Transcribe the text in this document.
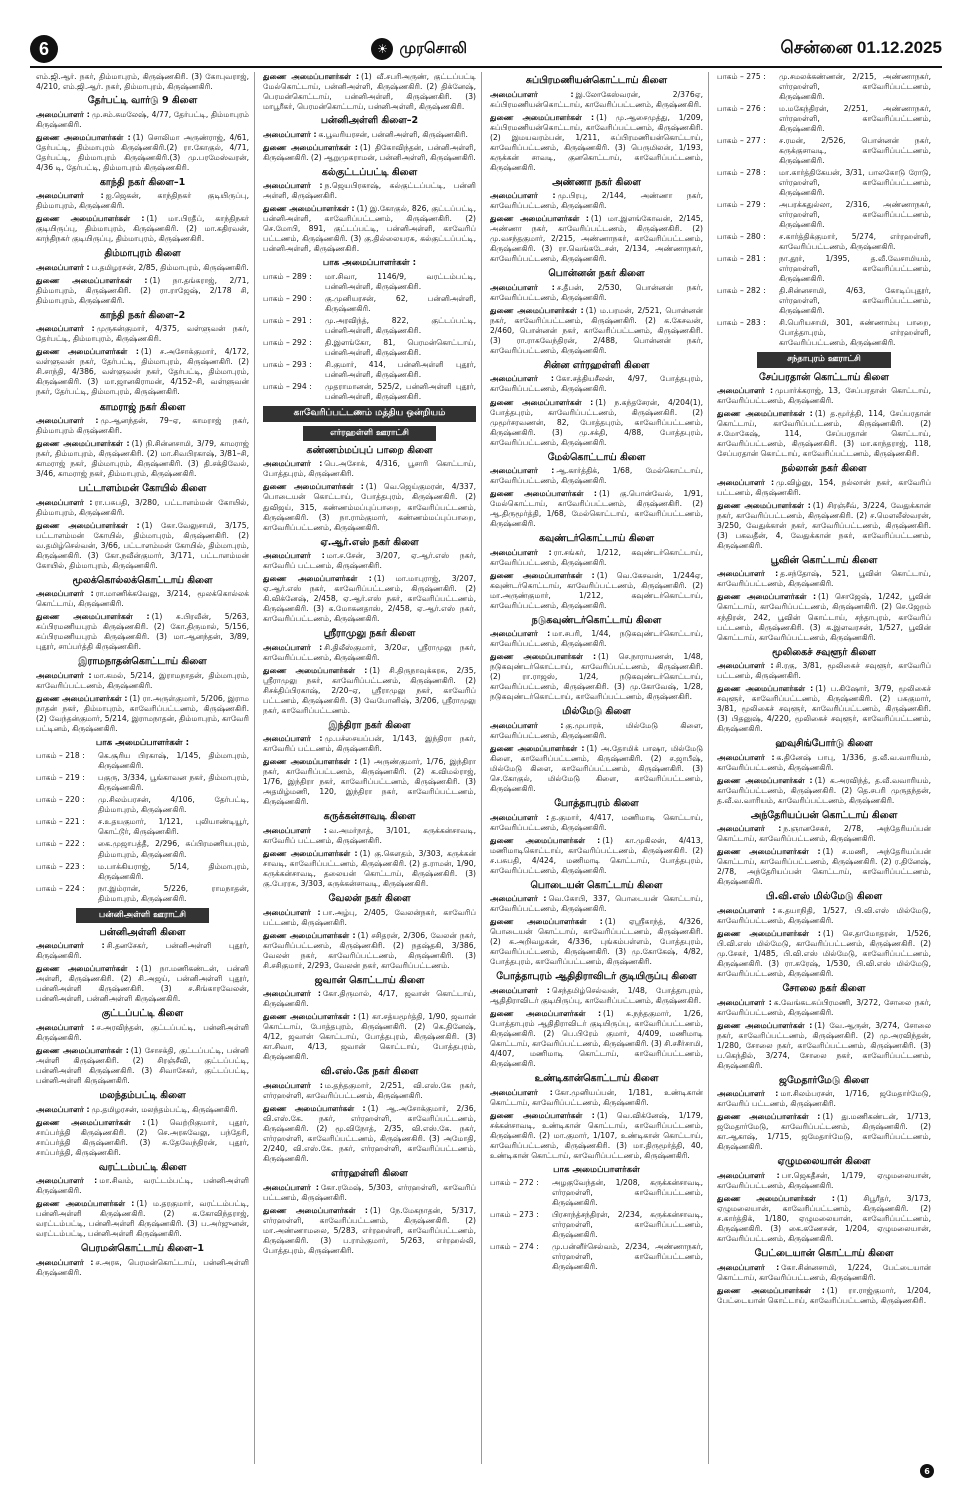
6	☀ முரசொலி	சென்னை 01.12.2025
எம்.ஜி.ஆர். நகர், திம்மாபுரம், கிருஷ்ணகிரி. (3) கோபுவராஜ், 4/210, எம்.ஜி.ஆர். நகர், திம்மாபுரம், கிருஷ்ணகிரி.
தேர்பட்டி வார்டு 9 கிளை
அமைப்பாளர் : மு.சம்.சுமலேஷ், 4/77, தேர்பட்டி, திம்மாபுரம் கிருஷ்ணகிரி.
துணை அமைப்பாளர்கள் : (1) சொலிமா அருண்ராஜ், 4/61, தேர்பட்டி, திம்மாபுரம் கிருஷ்ணகிரி.(2) ரா.கோகுல், 4/71, தேர்பட்டி, திம்மாபுரம் கிருஷ்ணகிரி.(3) மு.பரமேஸ்வரன், 4/36 டி, தேர்பட்டி, திம்மாபுரம் கிருஷ்ணகிரி.
காந்தி நகர் கிளை–1
அமைப்பாளர் : ஐ.ஜெகன், காந்திநகர் குடியிருப்பு, திம்மாபுரம், கிருஷ்ணகிரி.
துணை அமைப்பாளர்கள் : (1) மா.பிரதீப், காந்திநகர் குடியிருப்பு, திம்மாபுரம், கிருஷ்ணகிரி. (2) மா.கதிரவன், காந்திநகர் குடியிருப்பு, திம்மாபுரம், கிருஷ்ணகிரி.
திம்மாபுரம் கிளை
அமைப்பாளர் : ப.தமிழரசன், 2/85, திம்மாபுரம், கிருஷ்ணகிரி.
துணை அமைப்பாளர்கள் : (1) நா.தங்கராஜ், 2/71, திம்மாபுரம், கிருஷ்ணகிரி. (2) ரா.ராஜேஷ், 2/178 சி, திம்மாபுரம், கிருஷ்ணகிரி.
காந்தி நகர் கிளை–2
அமைப்பாளர் : முருகன்குமார், 4/375, வள்ளுவன் நகர், தேர்பட்டி, திம்மாபுரம், கிருஷ்ணகிரி.
துணை அமைப்பாளர்கள் : (1) ச.அசோக்குமார், 4/172, வள்ளுவன் நகர், தேர்பட்டி, திம்மாபுரம், கிருஷ்ணகிரி. (2) சி.சாந்தி, 4/386, வள்ளுவன் நகர், தேர்பட்டி, திம்மாபுரம், கிருஷ்ணகிரி. (3) மா.ஜானகிராமன், 4/152–சி, வள்ளுவன் நகர், தேர்பட்டி, திம்மாபுரம், கிருஷ்ணகிரி.
காமராஜ் நகர் கிளை
அமைப்பாளர் : மு.ஆனந்தன், 79–ஏ, காமராஜ் நகர், திம்மாபுரம் கிருஷ்ணகிரி.
துணை அமைப்பாளர்கள் : (1) நி.சின்னசாமி, 3/79, காமராஜ் நகர், திம்மாபுரம், கிருஷ்ணகிரி. (2) மா.சிவபிரகாஷ், 3/81–சி, காமராஜ் நகர், திம்மாபுரம், கிருஷ்ணகிரி. (3) தி.சக்திவேல், 3/46, காமராஜ் நகர், திம்மாபுரம், கிருஷ்ணகிரி.
பட்டாளம்மன் கோயில் கிளை
அமைப்பாளர் : ரா.பசுபதி, 3/280, பட்டாளம்மன் கோயில், திம்மாபுரம், கிருஷ்ணகிரி.
துணை அமைப்பாளர்கள் : (1) கோ.வேலுசாமி, 3/175, பட்டாளம்மன் கோயில், திம்மாபுரம், கிருஷ்ணகிரி. (2) வ.தமிழ்செல்வன், 3/66, பட்டாளம்மன் கோயில், திம்மாபுரம், கிருஷ்ணகிரி. (3) கோ.நவீன்குமார், 3/171, பட்டாளம்மன் கோயில், திம்மாபுரம், கிருஷ்ணகிரி.
மூலக்கொல்லக்கொட்டாய் கிளை
அமைப்பாளர் : ரா.மாணிக்கவேலு, 3/214, மூலக்கொல்லக் கொட்டாய், கிருஷ்ணகிரி.
துணை அமைப்பாளர்கள் : (1) சு.பிரவீன், 5/263, சுப்பிரமணியபுரம் கிருஷ்ணகிரி. (2) கோ.திருமால், 5/156, சுப்பிரமணியபுரம் கிருஷ்ணகிரி. (3) மா.ஆனந்தன், 3/89, புதூர், சாப்பர்த்தி கிருஷ்ணகிரி.
இராமநாதன்கொட்டாய் கிளை
அமைப்பாளர் : மா.கமல், 5/214, இராமநாதன், திம்மாபுரம், காவேரிப்பட்டணம், கிருஷ்ணகிரி.
துணை அமைப்பாளர்கள் : (1) ரா.அருள்குமார், 5/206, இராம நாதன் நகர், திம்மாபுரம், காவேரிப்பட்டணம், கிருஷ்ணகிரி. (2) வேந்தன்குமார், 5/214, இராமநாதன், திம்மாபுரம், காவேரி பட்டினம், கிருஷ்ணகிரி.
பாக அமைப்பாளர்கள் :
பாகம் – 218 :	கெ.சூரிய பிரகாஷ், 1/145, திம்மாபுரம், கிருஷ்ணகிரி.
பாகம் – 219 :	பகுரு, 3/334, பூங்காவன நகர், திம்மாபுரம், கிருஷ்ணகிரி.
பாகம் – 220 :	மு.சிலம்பரசன், 4/106, தேர்பட்டி, திம்மாபுரம், கிருஷ்ணகிரி.
பாகம் – 221 :	ச.உதயகுமார், 1/121, புலியாண்டியூர், கொட்டூர், கிருஷ்ணகிரி.
பாகம் – 222 :	கை.முஜாபத்தீ, 2/296, சுப்பிரமணியபுரம், திம்மாபுரம், கிருஷ்ணகிரி.
பாகம் – 223 :	ம.பாக்கியராஜ், 5/14, திம்மாபுரம், கிருஷ்ணகிரி.
பாகம் – 224 :	நா.இம்ரான், 5/226, ராமநாதன், திம்மாபுரம், கிருஷ்ணகிரி.
பன்னிஅள்ளி ஊராட்சி
பன்னிஅள்ளி கிளை
அமைப்பாளர் : சி.தனசேகர், பன்னிஅள்ளி புதூர், கிருஷ்ணகிரி.
துணை அமைப்பாளர்கள் : (1) நா.மணிகண்டன், பன்னி அள்ளி, கிருஷ்ணகிரி. (2) சி.அஜய், பன்னிஅள்ளி புதூர், பன்னிஅள்ளி கிருஷ்ணகிரி. (3) ச.சிங்காரவேலன், பன்னிஅள்ளி, பன்னிஅள்ளி கிருஷ்ணகிரி.
குட்டப்பட்டி கிளை
அமைப்பாளர் : ச.அரவிந்தன், குட்டப்பட்டி, பன்னிஅள்ளி கிருஷ்ணகிரி.
துணை அமைப்பாளர்கள் : (1) சோசக்தி, குட்டப்பட்டி, பன்னி அள்ளி கிருஷ்ணகிரி. (2) சிரஞ்சீவி, குட்டப்பட்டி, பன்னிஅள்ளி கிருஷ்ணகிரி. (3) சிவாசேகர், குட்டப்பட்டி, பன்னிஅள்ளி கிருஷ்ணகிரி.
மலந்தம்பட்டி கிளை
அமைப்பாளர் : மு.தமிழரசன், மலந்தம்பட்டி, கிருஷ்ணகிரி.
துணை அமைப்பாளர்கள் : (1) வெற்றிகுமார், புதூர், சாப்பர்த்தி கிருஷ்ணகிரி. (2) செ.அரசுவேலு, பந்தேரி, சாப்பர்த்தி கிருஷ்ணகிரி. (3) சு.தேவேந்திரன், புதூர், சாப்பர்த்தி, கிருஷ்ணகிரி.
வரட்டம்பட்டி கிளை
அமைப்பாளர் : மா.சிவம், வரட்டம்பட்டி, பன்னிஅள்ளி கிருஷ்ணகிரி.
துணை அமைப்பாளர்கள் : (1) ம.தரகுமார், வரட்டம்பட்டி, பன்னிஅள்ளி கிருஷ்ணகிரி. (2) க.கோவிந்தராஜ், வரட்டம்பட்டி, பன்னிஅள்ளி கிருஷ்ணகிரி. (3) ப.அர்ஜுனன், வரட்டம்பட்டி, பன்னிஅள்ளி கிருஷ்ணகிரி.
பெரமன்கொட்டாய் கிளை–1
அமைப்பாளர் : ச.அரசு, பெரமன்கொட்டாய், பன்னிஅள்ளி கிருஷ்ணகிரி.
துணை அமைப்பாளர்கள் : (1) வீ.சபரிஅருண், குட்டப்பட்டி மேல்கொட்டாய், பன்னிஅள்ளி, கிருஷ்ணகிரி. (2) திக்னேஷ், பெரமன்கொட்டாய், பன்னிஅள்ளி, கிருஷ்ணகிரி. (3) மாபூரீகர், பெரமன்கொட்டாய், பன்னிஅள்ளி, கிருஷ்ணகிரி.
பன்னிஅள்ளி கிளை–2
அமைப்பாளர் : க.பூவரியரசன், பன்னிஅள்ளி, கிருஷ்ணகிரி.
துணை அமைப்பாளர்கள் : (1) திகோவிந்தன், பன்னிஅள்ளி, கிருஷ்ணகிரி. (2) ஆறுமுகராமன், பன்னிஅள்ளி, கிருஷ்ணகிரி.
கல்குட்டப்பட்டி கிளை
அமைப்பாளர் : ந.ஜெயபிரகாஷ், கல்குட்டப்பட்டி, பன்னி அள்ளி, கிருஷ்ணகிரி.
துணை அமைப்பாளர்கள் : (1) இ.கோகுல், 826, குட்டப்பட்டி, பன்னிஅள்ளி, காவேரிப்பட்டணம், கிருஷ்ணகிரி. (2) செ.மோபி, 891, குட்டப்பட்டி, பன்னிஅள்ளி, காவேரிப் பட்டணம், கிருஷ்ணகிரி. (3) கு.தில்லையரசு, கல்குட்டப்பட்டி, பன்னிஅள்ளி, கிருஷ்ணகிரி.
பாக அமைப்பாளர்கள் :
பாகம் – 289 :	மா.சிவா, 1146/9, வரட்டம்பட்டி, பன்னிஅள்ளி, கிருஷ்ணகிரி.
பாகம் – 290 :	கு.முனியரசன், 62, பன்னிஅள்ளி, கிருஷ்ணகிரி.
பாகம் – 291 :	மு.அரவிந்த், 822, குட்டப்பட்டி, பன்னிஅள்ளி, கிருஷ்ணகிரி.
பாகம் – 292 :	தி.இளங்கோ, 81, பெரமன்கொட்டாய், பன்னிஅள்ளி, கிருஷ்ணகிரி.
பாகம் – 293 :	சி.குமார், 414, பன்னிஅள்ளி புதூர், பன்னிஅள்ளி, கிருஷ்ணகிரி.
பாகம் – 294 :	முதராமானன், 525/2, பன்னிஅள்ளி புதூர், பன்னிஅள்ளி, கிருஷ்ணகிரி.
காவேரிப்பட்டணம் மத்திய ஒன்றியம்
எர்ரஹள்ளி ஊராட்சி
கண்ணம்மப்புப் பாறை கிளை
அமைப்பாளர் : பெ.அசோக், 4/316, பூசாரி கொட்டாய், போத்தபுரம், கிருஷ்ணகிரி.
துணை அமைப்பாளர்கள் : (1) வெ.ஜெய்குமரன், 4/337, பொடையன் கொட்டாய், போத்தபுரம், கிருஷ்ணகிரி. (2) துவிஜய், 315, கண்ணம்மப்புப்பாறை, காவேரிப்பட்டணம், கிருஷ்ணகிரி. (3) நா.ராம்குமார், கண்ணம்மப்புப்பாறை, காவேரிப்பட்டணம், கிருஷ்ணகிரி.
ஏ.ஆர்.எஸ் நகர் கிளை
அமைப்பாளர் : மா.ச.சேன், 3/207, ஏ.ஆர்.எஸ் நகர், காவேரிப் பட்டணம், கிருஷ்ணகிரி.
துணை அமைப்பாளர்கள் : (1) மா.மாபுராஜ், 3/207, ஏ.ஆர்.எஸ் நகர், காவேரிப்பட்டணம், கிருஷ்ணகிரி. (2) கி.விக்னேஷ், 2/458, ஏ.ஆர்.எஸ் நகர், காவேரிப்பட்டணம், கிருஷ்ணகிரி. (3) க.மோகனதாஸ், 2/458, ஏ.ஆர்.எஸ் நகர், காவேரிப்பட்டணம், கிருஷ்ணகிரி.
ஸ்ரீராமுலு நகர் கிளை
அமைப்பாளர் : சி.திலீஸ்குமார், 3/20எ, ஸ்ரீராமுலு நகர், காவேரிப்பட்டணம், கிருஷ்ணகிரி.
துணை அமைப்பாளர்கள் : (1) சி.திருநாவுக்கரசு, 2/35, ஸ்ரீராமுலு நகர், காவேரிப்பட்டணம், கிருஷ்ணகிரி. (2) சிசக்திப்பிரகாஷ், 2/20–ஏ, ஸ்ரீராமுலு நகர், காவேரிப் பட்டணம், கிருஷ்ணகிரி. (3) வேபோனிஷ், 3/206, ஸ்ரீராமுலு நகர், காவேரிப்பட்டணம்.
இந்திரா நகர் கிளை
அமைப்பாளர் : மு.பச்சையப்பன், 1/143, இந்திரா நகர், காவேரிப் பட்டணம், கிருஷ்ணகிரி.
துணை அமைப்பாளர்கள் : (1) அருண்குமார், 1/76, இந்திரா நகர், காவேரிப்பட்டணம், கிருஷ்ணகிரி. (2) க.விமல்ராஜ், 1/76, இந்திரா நகர், காவேரிப்பட்டணம், கிருஷ்ணகிரி. (3) அதமிழ்மணி, 120, இந்திரா நகர், காவேரிப்பட்டணம், கிருஷ்ணகிரி.
கருக்கன்சாவடி கிளை
அமைப்பாளர் : வ.அமர்நாத், 3/101, கருக்கன்சாவடி, காவேரிப் பட்டணம், கிருஷ்ணகிரி.
துணை அமைப்பாளர்கள் : (1) கு.கௌதம், 3/303, கருக்கன் சாவடி, காவேரிப்பட்டணம், கிருஷ்ணகிரி. (2) த.ராமன், 1/90, கருக்கன்சாவடி, தலையன் கொட்டாய், கிருஷ்ணகிரி. (3) கு.பேரரசு, 3/303, கருக்கன்சாவடி, கிருஷ்ணகிரி.
வேலன் நகர் கிளை
அமைப்பாளர் : பா.அழ்பு, 2/405, வேலன்நகர், காவேரிப் பட்டணம், கிருஷ்ணகிரி.
துணை அமைப்பாளர்கள் : (1) சசிதரன், 2/306, வேலன் நகர், காவேரிப்பட்டணம், கிருஷ்ணகிரி. (2) நதஷ்தகி, 3/386, வேலன் நகர், காவேரிப்பட்டணம், கிருஷ்ணகிரி. (3) சி.சசிகுமார், 2/293, வேலன் நகர், காவேரிப்பட்டணம்.
ஜவான் கொட்டாய் கிளை
அமைப்பாளர் : கோ.திருமால், 4/17, ஜவான் கொட்டாய், கிருஷ்ணகிரி.
துணை அமைப்பாளர்கள் : (1) கா.சத்யமூர்த்தி, 1/90, ஜவான் கொட்டாய், போத்தபுரம், கிருஷ்ணகிரி. (2) கெ.தினேஷ், 4/12, ஜவான் கொட்டாய், போத்தபுரம், கிருஷ்ணகிரி. (3) கா.சிவா, 4/13, ஜவான் கொட்டாய், போத்தபுரம், கிருஷ்ணகிரி.
வி.எஸ்.கே நகர் கிளை
அமைப்பாளர் : ம.தந்தகுமார், 2/251, வி.எஸ்.கே நகர், எர்ரஹள்ளி, காவேரிப்பட்டணம், கிருஷ்ணகிரி.
துணை அமைப்பாளர்கள் : (1) ஆ.அசோக்குமார், 2/36, வி.எஸ்.கே. நகர், எர்ரஹள்ளி, காவேரிப்பட்டணம், கிருஷ்ணகிரி. (2) மூ.விநோத், 2/35, வி.எஸ்.கே. நகர், எர்ரஹள்ளி, காவேரிப்பட்டணம், கிருஷ்ணகிரி. (3) அமோதி, 2/240, வி.எஸ்.கே. நகர், எர்ரஹள்ளி, காவேரிப்பட்டணம், கிருஷ்ணகிரி.
எர்ரஹள்ளி கிளை
அமைப்பாளர் : கோ.ரமேஷ், 5/303, எர்ரஹள்ளி, காவேரிப் பட்டணம், கிருஷ்ணகிரி.
துணை அமைப்பாளர்கள் : (1) நே.மேகநாதன், 5/317, எர்ரஹள்ளி, காவேரிப்பட்டணம், கிருஷ்ணகிரி. (2) மா.அண்ணாமலை, 5/283, எர்ரஹள்ளி, காவேரிப்பட்டணம், கிருஷ்ணகிரி. (3) ப.ராம்குமார், 5/263, எர்ரஹல்லி, போத்தபுரம், கிருஷ்ணகிரி.
சுப்பிரமணியன்கொட்டாய் கிளை
அமைப்பாளர் : இ.லோகேஸ்வரன், 2/376ஏ, சுப்பிரமணியன்கொட்டாய், காவேரிப்பட்டணம், கிருஷ்ணகிரி.
துணை அமைப்பாளர்கள் : (1) மு.ஆசைமுத்து, 1/209, சுப்பிரமணியன்கொட்டாய், காவேரிப்பட்டணம், கிருஷ்ணகிரி. (2) இமயவரம்பன், 1/211, சுப்பிரமணியன்கொட்டாய், காவேரிப்பட்டணம், கிருஷ்ணகிரி. (3) பெருமிலன், 1/193, கருக்கன் சாவடி, குனகொட்டாய், காவேரிப்பட்டணம், கிருஷ்ணகிரி.
அண்ணா நகர் கிளை
அமைப்பாளர் : மு.பிரபு, 2/144, அண்ணா நகர், காவேரிப்பட்டணம், கிருஷ்ணகிரி.
துணை அமைப்பாளர்கள் : (1) மா.இளங்கோவன், 2/145, அண்ணா நகர், காவேரிப்பட்டணம், கிருஷ்ணகிரி. (2) மு.வசந்தகுமார், 2/215, அண்ணாநகர், காவேரிப்பட்டணம், கிருஷ்ணகிரி. (3) ரா.வெங்கடேசன், 2/134, அண்ணாநகர், காவேரிப்பட்டணம், கிருஷ்ணகிரி.
பொன்னன் நகர் கிளை
அமைப்பாளர் : ச.தீபன், 2/530, பொன்னன் நகர், காவேரிப்பட்டணம், கிருஷ்ணகிரி.
துணை அமைப்பாளர்கள் : (1) ம.பரமன், 2/521, பொன்னன் நகர், காவேரிப்பட்டணம், கிருஷ்ணகிரி. (2) க.கேசவன், 2/460, பொன்னன் நகர், காவேரிப்பட்டணம், கிருஷ்ணகிரி. (3) ரா.ராகவேந்திரன், 2/488, பொன்னன் நகர், காவேரிப்பட்டணம், கிருஷ்ணகிரி.
சின்ன எர்ரஹள்ளி கிளை
அமைப்பாளர் : கோ.சத்தியசீலன், 4/97, போத்தபுரம், காவேரிப்பட்டணம், கிருஷ்ணகிரி.
துணை அமைப்பாளர்கள் : (1) ந.கந்தசேரன், 4/204(1), போத்தபுரம், காவேரிப்பட்டணம், கிருஷ்ணகிரி. (2) முமூர்சரவணன், 82, போத்தபுரம், காவேரிப்பட்டணம், கிருஷ்ணகிரி. (3) மு.சக்தி, 4/88, போத்தபுரம், காவேரிப்பட்டணம், கிருஷ்ணகிரி.
மேல்கொட்டாய் கிளை
அமைப்பாளர் : ஆ.கார்த்திக், 1/68, மேல்கொட்டாய், காவேரிப்பட்டணம், கிருஷ்ணகிரி.
துணை அமைப்பாளர்கள் : (1) கு.பொன்வேல், 1/91, மேல்கொட்டாய், காவேரிப்பட்டணம், கிருஷ்ணகிரி. (2) ஆ.திருமூர்த்தி, 1/68, மேல்கொட்டாய், காவேரிப்பட்டணம், கிருஷ்ணகிரி.
கவுண்டர்கொட்டாய் கிளை
அமைப்பாளர் : ரா.சங்கர், 1/212, கவுண்டர்கொட்டாய், காவேரிப்பட்டணம், கிருஷ்ணகிரி.
துணை அமைப்பாளர்கள் : (1) வெ.கேசவன், 1/244ஏ, கவுண்டர்கொட்டாய், காவேரிப்பட்டணம், கிருஷ்ணகிரி. (2) மா.அருண்குமார், 1/212, கவுண்டர்கொட்டாய், காவேரிப்பட்டணம், கிருஷ்ணகிரி.
நடுகவுண்டர்கொட்டாய் கிளை
அமைப்பாளர் : மா.சபரி, 1/44, நடுகவுண்டர்கொட்டாய், காவேரிப்பட்டணம், கிருஷ்ணகிரி.
துணை அமைப்பாளர்கள் : (1) செ.நாராயணன், 1/48, நடுகவுண்டர்கொட்டாய், காவேரிப்பட்டணம், கிருஷ்ணகிரி. (2) ரா.ராஜஸ், 1/24, நடுகவுண்டர்கொட்டாய், காவேரிப்பட்டணம், கிருஷ்ணகிரி. (3) மு.கோவேஷ், 1/28, நடுகவுண்டர்கொட்டாய், காவேரிப்பட்டணம், கிருஷ்ணகிரி.
மில்மேடு கிளை
அமைப்பாளர் : கு.முபாரக், மில்மேடு கிளை, காவேரிப்பட்டணம், கிருஷ்ணகிரி.
துணை அமைப்பாளர்கள் : (1) அ.தோமிக் பாஷா, மில்மேடு கிளை, காவேரிப்பட்டணம், கிருஷ்ணகிரி. (2) ச.ஜாபீஷ், மில்மேடு கிளை, காவேரிப்பட்டணம், கிருஷ்ணகிரி. (3) செ.கோகுல், மில்மேடு கிளை, காவேரிப்பட்டணம், கிருஷ்ணகிரி.
போத்தாபுரம் கிளை
அமைப்பாளர் : த.குமார், 4/417, மணிமாடி கொட்டாய், காவேரிப்பட்டணம், கிருஷ்ணகிரி.
துணை அமைப்பாளர்கள் : (1) கா.முகிலன், 4/413, மணிமாடிகொட்டாய், காவேரிப்பட்டணம், கிருஷ்ணகிரி. (2) ச.பசுபதி, 4/424, மணிமாடி கொட்டாய், போத்தபுரம், காவேரிப்பட்டணம், கிருஷ்ணகிரி.
பொடையன் கொட்டாய் கிளை
அமைப்பாளர் : வெ.கோபி, 337, பொடையன் கொட்டாய், காவேரிப்பட்டணம், கிருஷ்ணகிரி.
துணை அமைப்பாளர்கள் : (1) ஏஸ்ரீகாந்த், 4/326, பொடையன் கொட்டாய், காவேரிப்பட்டணம், கிருஷ்ணகிரி. (2) க.அறிவழகன், 4/336, புங்கம்பள்ளம், போத்தபுரம், காவேரிப்பட்டணம், கிருஷ்ணகிரி. (3) மு.கோகேஷ், 4/82, போத்தபுரம், காவேரிப்பட்டணம், கிருஷ்ணகிரி.
போத்தாபுரம் ஆதிதிராவிடர் குடியிருப்பு கிளை
அமைப்பாளர் : செந்தமிழ்செல்வன், 1/48, போத்தாபுரம், ஆதிதிராவிடர் குடியிருப்பு, காவேரிப்பட்டணம், கிருஷ்ணகிரி.
துணை அமைப்பாளர்கள் : (1) சு.நந்தகுமார், 1/26, போத்தாபுரம் ஆதிதிராவிடர் குடியிருப்பு, காவேரிப்பட்டணம், கிருஷ்ணகிரி. (2) பெ.பிரேம் குமார், 4/409, மணிமாடி கொட்டாய், காவேரிப்பட்டணம், கிருஷ்ணகிரி. (3) சி.சசீர்சாமி, 4/407, மணிமாடி கொட்டாய், காவேரிப்பட்டணம், கிருஷ்ணகிரி.
உண்டிகான்கொட்டாய் கிளை
அமைப்பாளர் : கோ.முனியப்பன், 1/181, உண்டிகான் கொட்டாய், காவேரிப்பட்டணம், கிருஷ்ணகிரி.
துணை அமைப்பாளர்கள் : (1) வெ.விக்னேஷ், 1/179, சக்கன்சாவடி, உண்டிகான் கொட்டாய், காவேரிப்பட்டணம், கிருஷ்ணகிரி. (2) மா.குமார், 1/107, உண்டிகான் கொட்டாய், காவேரிப்பட்டணம், கிருஷ்ணகிரி. (3) மா.திருமூர்த்தி, 40, உண்டிகான் கொட்டாய், காவேரிப்பட்டணம், கிருஷ்ணகிரி.
பாக அமைப்பாளர்கள்
பாகம் – 272 :	அழகுவேந்தன், 1/208, கருக்கன்சாவடி, எர்ரஹள்ளி, காவேரிப்பட்டணம், கிருஷ்ணகிரி.
பாகம் – 273 :	பிரசாந்த்சந்திரன், 2/234, கருக்கன்சாவடி, எர்ரஹள்ளி, காவேரிப்பட்டணம், கிருஷ்ணகிரி.
பாகம் – 274 :	மு.பன்னீர்செல்வம், 2/234, அண்ணாநகர், எர்ரஹள்ளி, காவேரிப்பட்டணம், கிருஷ்ணகிரி.
பாகம் – 275 :	மு.சமலக்கண்ணன், 2/215, அண்ணாநகர், எர்ரஹள்ளி, காவேரிப்பட்டணம், கிருஷ்ணகிரி.
பாகம் – 276 :	ம.மகேந்திரன், 2/251, அண்ணாநகர், எர்ரஹள்ளி, காவேரிப்பட்டணம், கிருஷ்ணகிரி.
பாகம் – 277 :	ச.ரமன், 2/526, பொன்னன் நகர், கருக்குசாவடி, காவேரிப்பட்டணம், கிருஷ்ணகிரி.
பாகம் – 278 :	மா.கார்த்திகேயன், 3/31, பாலகோடு ரோடு, எர்ரஹள்ளி, காவேரிப்பட்டணம், கிருஷ்ணகிரி.
பாகம் – 279 :	அபரக்கதுல்லா, 2/316, அண்ணாநகர், எர்ரஹள்ளி, காவேரிப்பட்டணம், கிருஷ்ணகிரி.
பாகம் – 280 :	ச.கார்த்திக்குமார், 5/274, எர்ரஹள்ளி, காவேரிப்பட்டணம், கிருஷ்ணகிரி.
பாகம் – 281 :	நா.தூர், 1/395, த.வீ.வேசாமியம், எர்ரஹள்ளி, காவேரிப்பட்டணம், கிருஷ்ணகிரி.
பாகம் – 282 :	தி.சின்னசாமி, 4/63, கோடிப்புதூர், எர்ரஹள்ளி, காவேரிப்பட்டணம், கிருஷ்ணகிரி.
பாகம் – 283 :	சி.பெரியசாமி, 301, சுண்ணாம்பு பாறை, போத்தாபுரம், எர்ரஹள்ளி, காவேரிப்பட்டணம், கிருஷ்ணகிரி.
சந்தாபுரம் ஊராட்சி
சேப்பரதான் கொட்டாய் கிளை
அமைப்பாளர் : முபார்க்கராஜ், 13, சேப்பரதான் கொட்டாய், காவேரிப்பட்டணம், கிருஷ்ணகிரி.
துணை அமைப்பாளர்கள் : (1) த.மூர்த்தி, 114, சேப்பரதான் கொட்டாய், காவேரிப்பட்டணம், கிருஷ்ணகிரி. (2) ச.மோகேஷ், 114, சேப்பரதான் கொட்டாய், காவேரிப்பட்டணம், கிருஷ்ணகிரி. (3) மா.காந்தராஜ், 118, சேப்பரதான் கொட்டாய், காவேரிப்பட்டணம், கிருஷ்ணகிரி.
நல்லான் நகர் கிளை
அமைப்பாளர் : மு.விழ்னு, 154, நல்லான் நகர், காவேரிப் பட்டணம், கிருஷ்ணகிரி.
துணை அமைப்பாளர்கள் : (1) சிரஞ்சீவ், 3/224, வேதுக்கான் நகர், காவேரிப்பட்டணம், கிருஷ்ணகிரி. (2) ச.மௌலீஸ்வரன், 3/250, வேதுக்கான் நகர், காவேரிப்பட்டணம், கிருஷ்ணகிரி. (3) பகவதீன், 4, வேதுக்கான் நகர், காவேரிப்பட்டணம், கிருஷ்ணகிரி.
பூவின் கொட்டாய் கிளை
அமைப்பாளர் : த.சந்தோஷ், 521, பூவின் கொட்டாய், காவேரிப்பட்டணம், கிருஷ்ணகிரி.
துணை அமைப்பாளர்கள் : (1) சொஜேஷ், 1/242, பூவின் கொட்டாய், காவேரிப்பட்டணம், கிருஷ்ணகிரி. (2) செ.ஜேறம் சந்திரன், 242, பூவின் கொட்டாய், சந்தாபுரம், காவேரிப் பட்டணம், கிருஷ்ணகிரி. (3) க.இளவரசன், 1/527, பூவின் கொட்டாய், காவேரிப்பட்டணம், கிருஷ்ணகிரி.
மூலிகைச் சவுளூர் கிளை
அமைப்பாளர் : சி.ரகு, 3/81, மூலிகைச் சவுளூர், காவேரிப் பட்டணம், கிருஷ்ணகிரி.
துணை அமைப்பாளர்கள் : (1) ப.கிஷோர், 3/79, மூலிகைச் சவுளூர், காவேரிப்பட்டணம், கிருஷ்ணகிரி. (2) பசுகுமார், 3/81, மூலிகைச் சவுளூர், காவேரிப்பட்டணம், கிருஷ்ணகிரி. (3) பிதனுஷ், 4/220, மூலிகைச் சவுளூர், காவேரிப்பட்டணம், கிருஷ்ணகிரி.
ஹவுசிங்போர்டு கிளை
அமைப்பாளர் : க.தினேஷ் பாபு, 1/336, த.வீ.வ.வாரியம், காவேரிப்பட்டணம், கிருஷ்ணகிரி.
துணை அமைப்பாளர்கள் : (1) க.அரவிந்த், த.வீ.வவாரியம், காவேரிப்பட்டணம், கிருஷ்ணகிரி. (2) தெ.சபரி முருதந்தன், த.வீ.வ.வாரியம், காவேரிப்பட்டணம், கிருஷ்ணகிரி.
அந்தேரியப்பன் கொட்டாய் கிளை
அமைப்பாளர் : ந.ஞானசேகர், 2/78, அந்தேரியப்பன் கொட்டாய், காவேரிப்பட்டணம், கிருஷ்ணகிரி.
துணை அமைப்பாளர்கள் : (1) ச.மணி, அந்தேரியப்பன் கொட்டாய், காவேரிப்பட்டணம், கிருஷ்ணகிரி. (2) ர.தினேஷ், 2/78, அந்தேரியப்பன் கொட்டாய், காவேரிப்பட்டணம், கிருஷ்ணகிரி.
பி.வி.எஸ் மில்மேடு கிளை
அமைப்பாளர் : சு.தயாநிதி, 1/527, பி.வி.எஸ் மில்மேடு, காவேரிப்பட்டணம், கிருஷ்ணகிரி.
துணை அமைப்பாளர்கள் : (1) செ.தாமோதரன், 1/526, பி.வி.எஸ் மில்மேடு, காவேரிப்பட்டணம், கிருஷ்ணகிரி. (2) மு.சேகர், 1/485, பி.வி.எஸ் மில்மேடு, காவேரிப்பட்டணம், கிருஷ்ணகிரி. (3) ரா.சுரேஷ், 1/530, பி.வி.எஸ் மில்மேடு, காவேரிப்பட்டணம், கிருஷ்ணகிரி.
சோலை நகர் கிளை
அமைப்பாளர் : க.வேங்கடசுப்பிரமணி, 3/272, சோலை நகர், காவேரிப்பட்டணம், கிருஷ்ணகிரி.
துணை அமைப்பாளர்கள் : (1) வே.ஆருன், 3/274, சோலை நகர், காவேரிப்பட்டணம், கிருஷ்ணகிரி. (2) மு.அரவிந்தன், 1/280, சோலை நகர், காவேரிப்பட்டணம், கிருஷ்ணகிரி. (3) ப.கெந்தில், 3/274, சோலை நகர், காவேரிப்பட்டணம், கிருஷ்ணகிரி.
ஜமேதார்மேடு கிளை
அமைப்பாளர் : மா.சிலம்பரசன், 1/716, ஜமேதார்மேடு, காவேரிப் பட்டணம், கிருஷ்ணகிரி.
துணை அமைப்பாளர்கள் : (1) து.மணிகண்டன், 1/713, ஜமேதார்மேடு, காவேரிப்பட்டணம், கிருஷ்ணகிரி. (2) கா.ஆகாஷ், 1/715, ஜமேதார்மேடு, காவேரிப்பட்டணம், கிருஷ்ணகிரி.
ஏழுமலையான் கிளை
அமைப்பாளர் : பா.ஜெகதீசன், 1/179, ஏழுமலையான், காவேரிப்பட்டணம், கிருஷ்ணகிரி.
துணை அமைப்பாளர்கள் : (1) சிபூரீதர், 3/173, ஏழுமலையான், காவேரிப்பட்டணம், கிருஷ்ணகிரி. (2) ச.கார்த்திக், 1/180, ஏழுமலையான், காவேரிப்பட்டணம், கிருஷ்ணகிரி. (3) கை.கணேசன், 1/204, ஏழுமலையான், காவேரிப்பட்டணம், கிருஷ்ணகிரி.
பேட்டையான் கொட்டாய் கிளை
அமைப்பாளர் : கோ.சின்னசாமி, 1/224, பேட்டையான் கொட்டாய், காவேரிப்பட்டணம், கிருஷ்ணகிரி.
துணை அமைப்பாளர்கள் : (1) ரா.ராஜ்குமார், 1/204, பேட்டையான் கொட்டாய், காவேரிப்பட்டணம், கிருஷ்ணகிரி.
6
